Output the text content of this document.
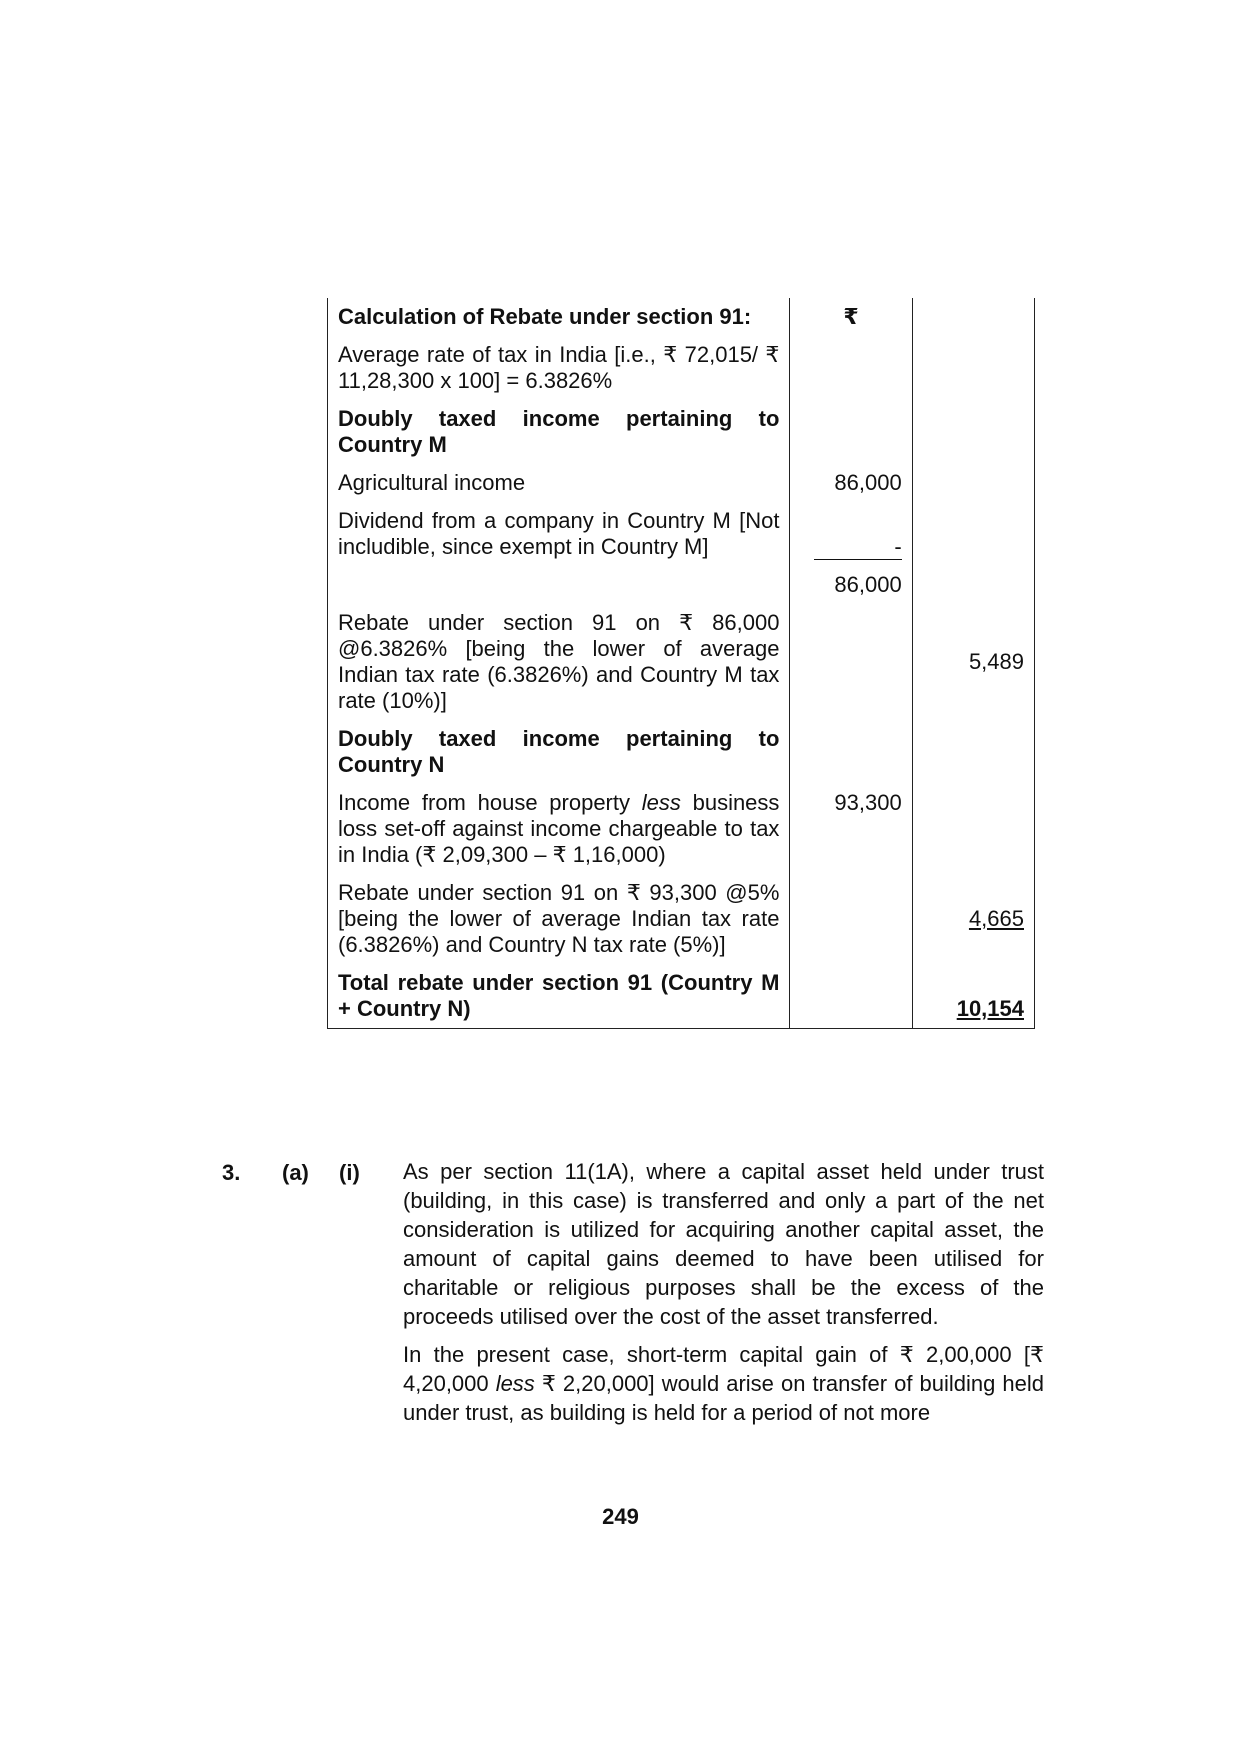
Calculation of Rebate under section 91:	₹	
Average rate of tax in India [i.e., ₹ 72,015/ ₹ 11,28,300 x 100] = 6.3826%		
Doubly taxed income pertaining to Country M		
Agricultural income	86,000	
Dividend from a company in Country M [Not includible, since exempt in Country M]	-	
	86,000	
Rebate under section 91 on ₹ 86,000 @6.3826% [being the lower of average Indian tax rate (6.3826%) and Country M tax rate (10%)]		5,489
Doubly taxed income pertaining to Country N		
Income from house property less business loss set-off against income chargeable to tax in India (₹ 2,09,300 – ₹ 1,16,000)	93,300	
Rebate under section 91 on ₹ 93,300 @5% [being the lower of average Indian tax rate (6.3826%) and Country N tax rate (5%)]		4,665
Total rebate under section 91 (Country M + Country N)		10,154
3. (a) (i) As per section 11(1A), where a capital asset held under trust (building, in this case) is transferred and only a part of the net consideration is utilized for acquiring another capital asset, the amount of capital gains deemed to have been utilised for charitable or religious purposes shall be the excess of the proceeds utilised over the cost of the asset transferred.
In the present case, short-term capital gain of ₹ 2,00,000 [₹ 4,20,000 less ₹ 2,20,000] would arise on transfer of building held under trust, as building is held for a period of not more
249
